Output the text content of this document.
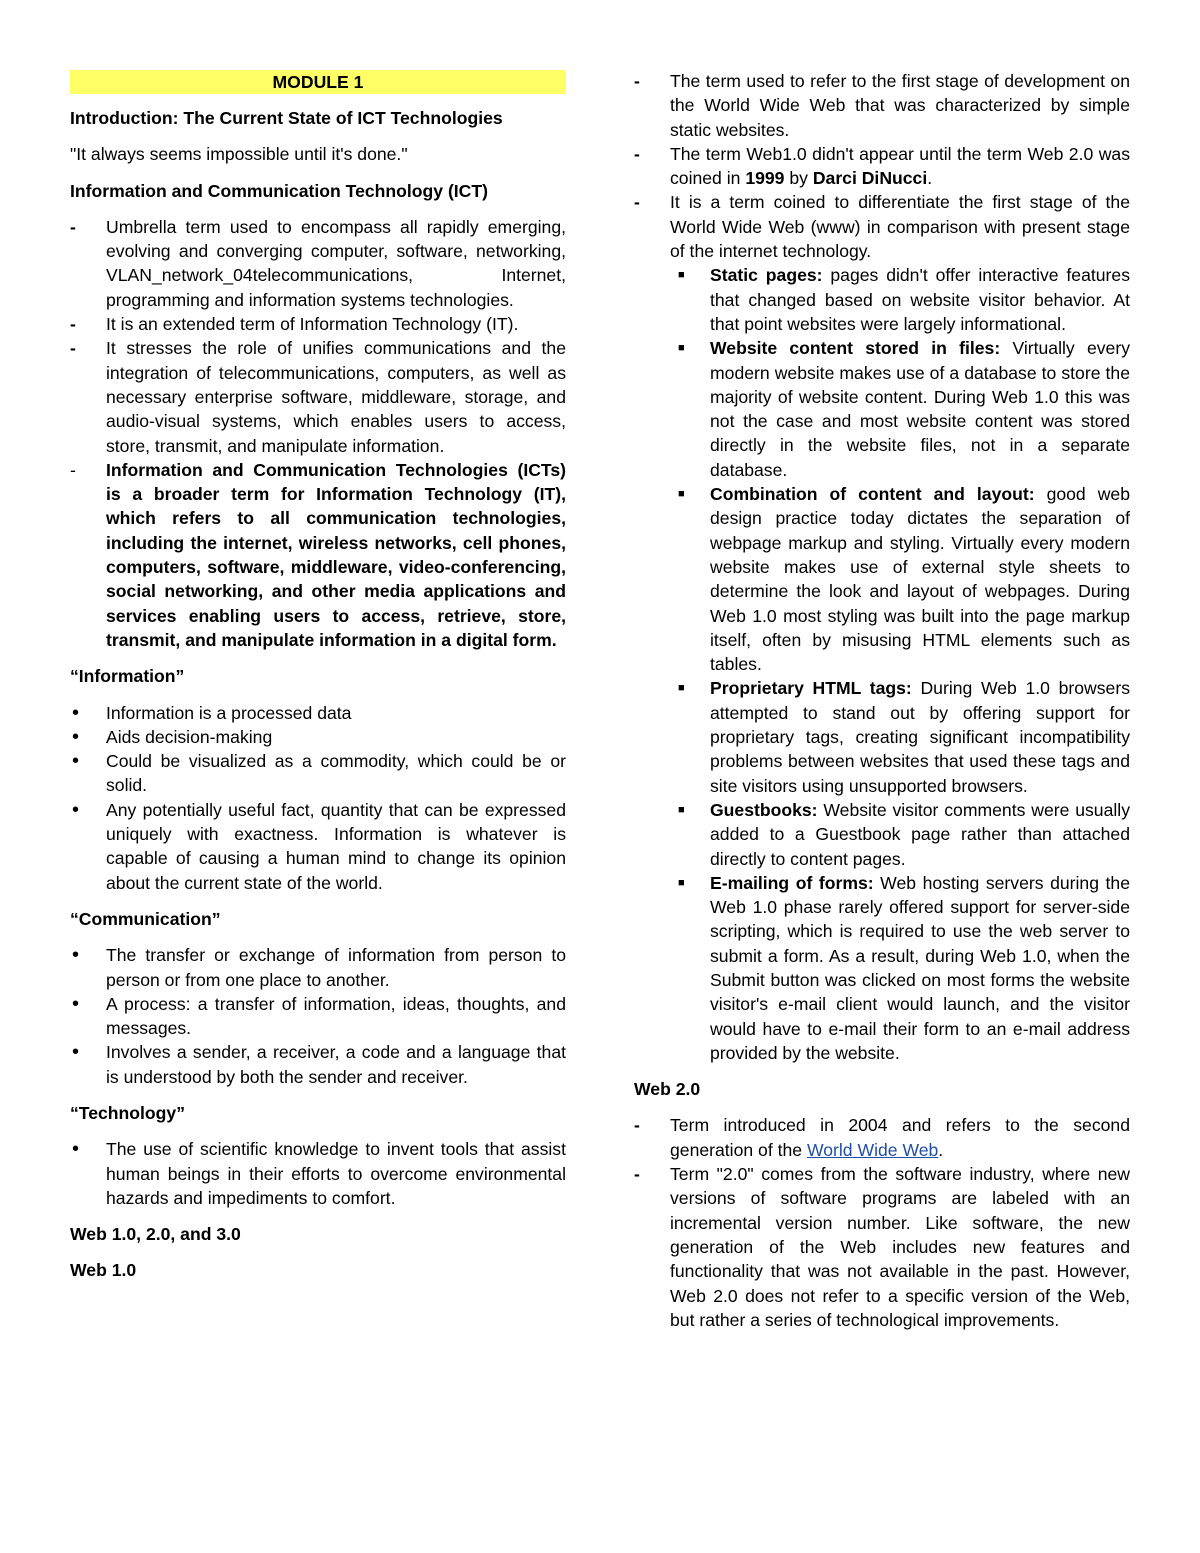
MODULE 1

Introduction: The Current State of ICT Technologies

"It always seems impossible until it's done."

Information and Communication Technology (ICT)

- Umbrella term used to encompass all rapidly emerging, evolving and converging computer, software, networking, VLAN_network_04telecommunications, Internet, programming and information systems technologies.
- It is an extended term of Information Technology (IT).
- It stresses the role of unifies communications and the integration of telecommunications, computers, as well as necessary enterprise software, middleware, storage, and audio-visual systems, which enables users to access, store, transmit, and manipulate information.
- Information and Communication Technologies (ICTs) is a broader term for Information Technology (IT), which refers to all communication technologies, including the internet, wireless networks, cell phones, computers, software, middleware, video-conferencing, social networking, and other media applications and services enabling users to access, retrieve, store, transmit, and manipulate information in a digital form.

“Information”

• Information is a processed data
• Aids decision-making
• Could be visualized as a commodity, which could be or solid.
• Any potentially useful fact, quantity that can be expressed uniquely with exactness. Information is whatever is capable of causing a human mind to change its opinion about the current state of the world.

“Communication”

• The transfer or exchange of information from person to person or from one place to another.
• A process: a transfer of information, ideas, thoughts, and messages.
• Involves a sender, a receiver, a code and a language that is understood by both the sender and receiver.

“Technology”

• The use of scientific knowledge to invent tools that assist human beings in their efforts to overcome environmental hazards and impediments to comfort.

Web 1.0, 2.0, and 3.0

Web 1.0

- The term used to refer to the first stage of development on the World Wide Web that was characterized by simple static websites.
- The term Web1.0 didn't appear until the term Web 2.0 was coined in 1999 by Darci DiNucci.
- It is a term coined to differentiate the first stage of the World Wide Web (www) in comparison with present stage of the internet technology.
■ Static pages: pages didn't offer interactive features that changed based on website visitor behavior. At that point websites were largely informational.
■ Website content stored in files: Virtually every modern website makes use of a database to store the majority of website content. During Web 1.0 this was not the case and most website content was stored directly in the website files, not in a separate database.
■ Combination of content and layout: good web design practice today dictates the separation of webpage markup and styling. Virtually every modern website makes use of external style sheets to determine the look and layout of webpages. During Web 1.0 most styling was built into the page markup itself, often by misusing HTML elements such as tables.
■ Proprietary HTML tags: During Web 1.0 browsers attempted to stand out by offering support for proprietary tags, creating significant incompatibility problems between websites that used these tags and site visitors using unsupported browsers.
■ Guestbooks: Website visitor comments were usually added to a Guestbook page rather than attached directly to content pages.
■ E-mailing of forms: Web hosting servers during the Web 1.0 phase rarely offered support for server-side scripting, which is required to use the web server to submit a form. As a result, during Web 1.0, when the Submit button was clicked on most forms the website visitor's e-mail client would launch, and the visitor would have to e-mail their form to an e-mail address provided by the website.

Web 2.0

- Term introduced in 2004 and refers to the second generation of the World Wide Web.
- Term "2.0" comes from the software industry, where new versions of software programs are labeled with an incremental version number. Like software, the new generation of the Web includes new features and functionality that was not available in the past. However, Web 2.0 does not refer to a specific version of the Web, but rather a series of technological improvements.
